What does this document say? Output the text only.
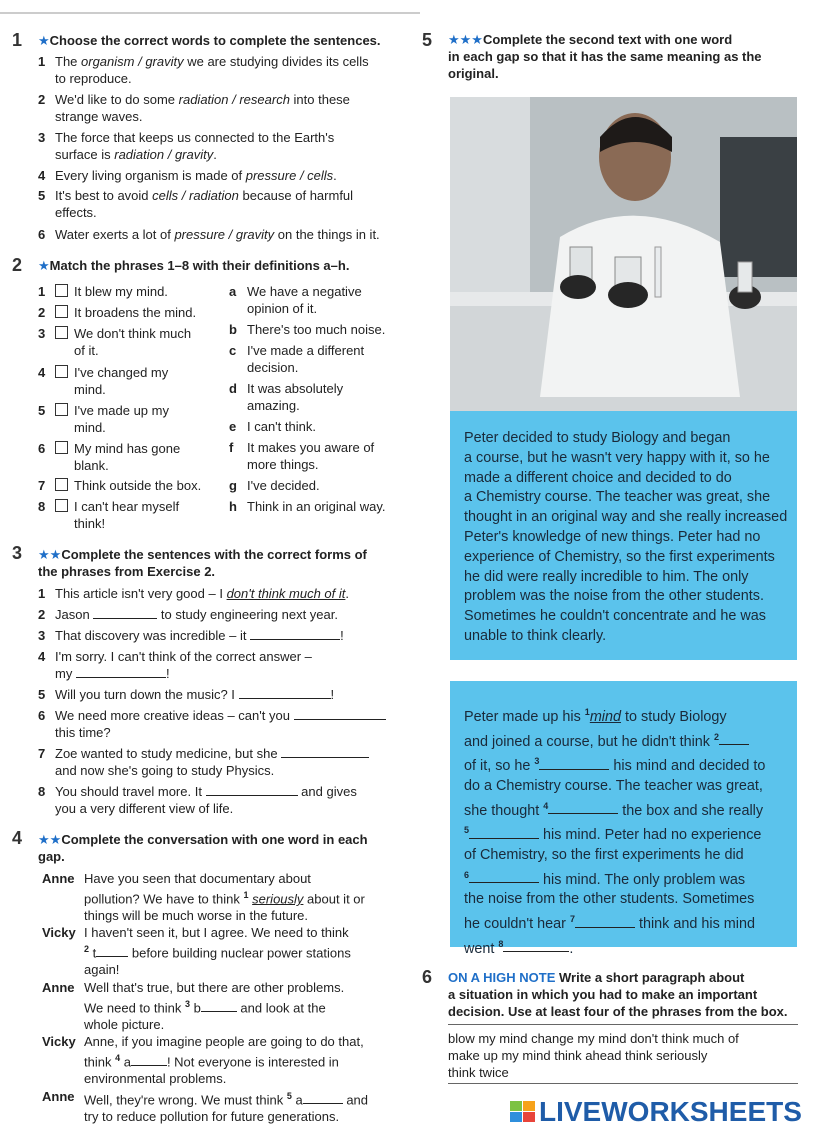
1 ★Choose the correct words to complete the sentences.
1 The organism / gravity we are studying divides its cells
to reproduce.
2 We'd like to do some radiation / research into these
strange waves.
3 The force that keeps us connected to the Earth's
surface is radiation / gravity.
4 Every living organism is made of pressure / cells.
5 It's best to avoid cells / radiation because of harmful
effects.
6 Water exerts a lot of pressure / gravity on the things in it.
2 ★Match the phrases 1–8 with their definitions a–h.
1 It blew my mind.

2 It broadens the mind.

3 We don't think much
of it.
4 I've changed my
mind.
5 I've made up my
mind.
6 My mind has gone
blank.
7 Think outside the box.

8 I can't hear myself
think!
a We have a negative
opinion of it.
b There's too much noise.

c I've made a different
decision.
d It was absolutely
amazing.
e I can't think.

f It makes you aware of
more things.
g I've decided.

h Think in an original way.

3 ★★Complete the sentences with the correct forms of
the phrases from Exercise 2.
1 This article isn't very good – I don't think much of it.
2 Jason	to study engineering next year.
3 That discovery was incredible – it	!
4 I'm sorry. I can't think of the correct answer –
my	!
5 Will you turn down the music? I	!
6 We need more creative ideas – can't you
this time?
7 Zoe wanted to study medicine, but she
and now she's going to study Physics.
8 You should travel more. It	and gives
you a very different view of life.
4 ★★Complete the conversation with one word in each
gap.
Anne Have you seen that documentary about
pollution? We have to think $^1$ seriously about it or
things will be much worse in the future.
Vicky I haven't seen it, but I agree. We need to think
$^2$ t before building nuclear power stations
again!
Anne Well that's true, but there are other problems.
We need to think $^3$ b	and look at the
whole picture.
Vicky Anne, if you imagine people are going to do that,
think $^4$ a	! Not everyone is interested in
environmental problems.
Anne Well, they're wrong. We must think $^5$ a	and
try to reduce pollution for future generations.
5 ★★★Complete the second text with one word
in each gap so that it has the same meaning as the
original.
Peter decided to study Biology and began
a course, but he wasn't very happy with it, so he
made a different choice and decided to do
a Chemistry course. The teacher was great, she
thought in an original way and she really increased
Peter's knowledge of new things. Peter had no
experience of Chemistry, so the first experiments
he did were really incredible to him. The only
problem was the noise from the other students.
Sometimes he couldn't concentrate and he was
unable to think clearly.
Peter made up his $^1$mind to study Biology
and joined a course, but he didn't think $^2$
of it, so he $^3$	his mind and decided to
do a Chemistry course. The teacher was great,
she thought $^4$	the box and she really
$^5$	his mind. Peter had no experience
of Chemistry, so the first experiments he did
$^6$	his mind. The only problem was
the noise from the other students. Sometimes
he couldn't hear $^7$	think and his mind
went $^8$	.
6 ON A HIGH NOTE Write a short paragraph about
a situation in which you had to make an important
decision. Use at least four of the phrases from the box.
blow my mind change my mind don't think much of
make up my mind think ahead think seriously
think twice
LIVEWORKSHEETS
